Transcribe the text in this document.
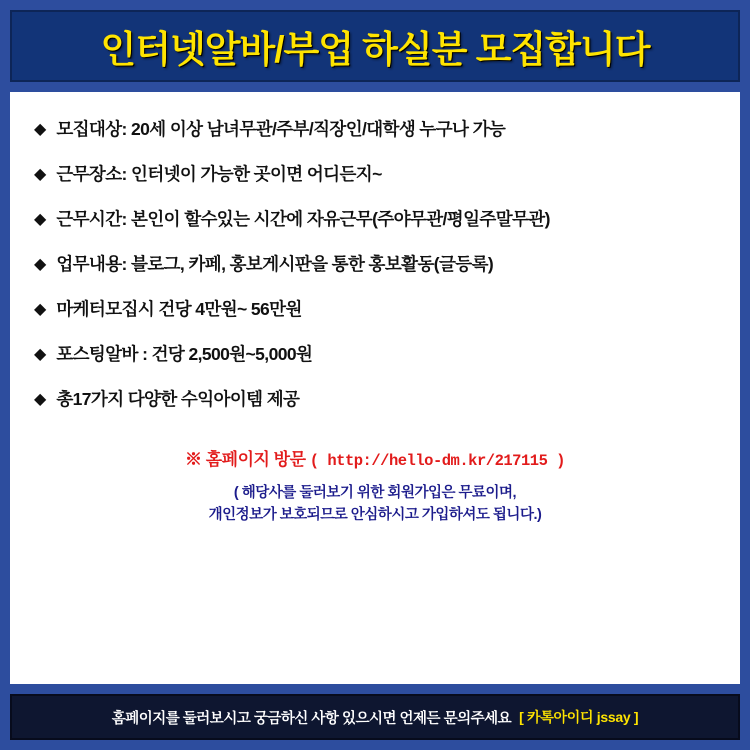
인터넷알바/부업 하실분 모집합니다
◆ 모집대상: 20세 이상 남녀무관/주부/직장인/대학생 누구나 가능
◆ 근무장소: 인터넷이 가능한 곳이면 어디든지~
◆ 근무시간: 본인이 할수있는 시간에 자유근무(주야무관/평일주말무관)
◆ 업무내용: 블로그, 카페, 홍보게시판을 통한 홍보활동(글등록)
◆ 마케터모집시 건당 4만원~ 56만원
◆ 포스팅알바 : 건당 2,500원~5,000원
◆ 총17가지 다양한 수익아이템 제공
※ 홈페이지 방문 ( http://hello-dm.kr/217115 )
( 해당사를 둘러보기 위한 회원가입은 무료이며,
개인정보가 보호되므로 안심하시고 가입하셔도 됩니다.)
홈페이지를 둘러보시고 궁금하신 사항 있으시면 언제든 문의주세요 [ 카톡아이디 jssay ]
